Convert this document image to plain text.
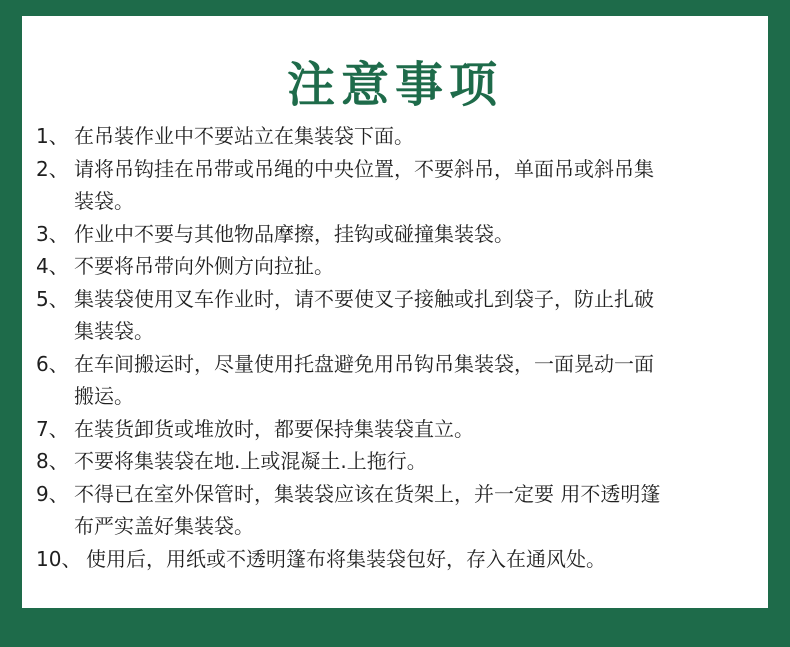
注意事项
1、 在吊装作业中不要站立在集装袋下面。
2、 请将吊钩挂在吊带或吊绳的中央位置，不要斜吊，单面吊或斜吊集
装袋。
3、 作业中不要与其他物品摩擦，挂钩或碰撞集装袋。
4、 不要将吊带向外侧方向拉扯。
5、 集装袋使用叉车作业时，请不要使叉子接触或扎到袋子，防止扎破
集装袋。
6、 在车间搬运时，尽量使用托盘避免用吊钩吊集装袋，一面晃动一面
搬运。
7、 在装货卸货或堆放时，都要保持集装袋直立。
8、 不要将集装袋在地.上或混凝土.上拖行。
9、 不得已在室外保管时，集装袋应该在货架上，并一定要 用不透明篷
布严实盖好集装袋。
10、 使用后，用纸或不透明篷布将集装袋包好，存入在通风处。
